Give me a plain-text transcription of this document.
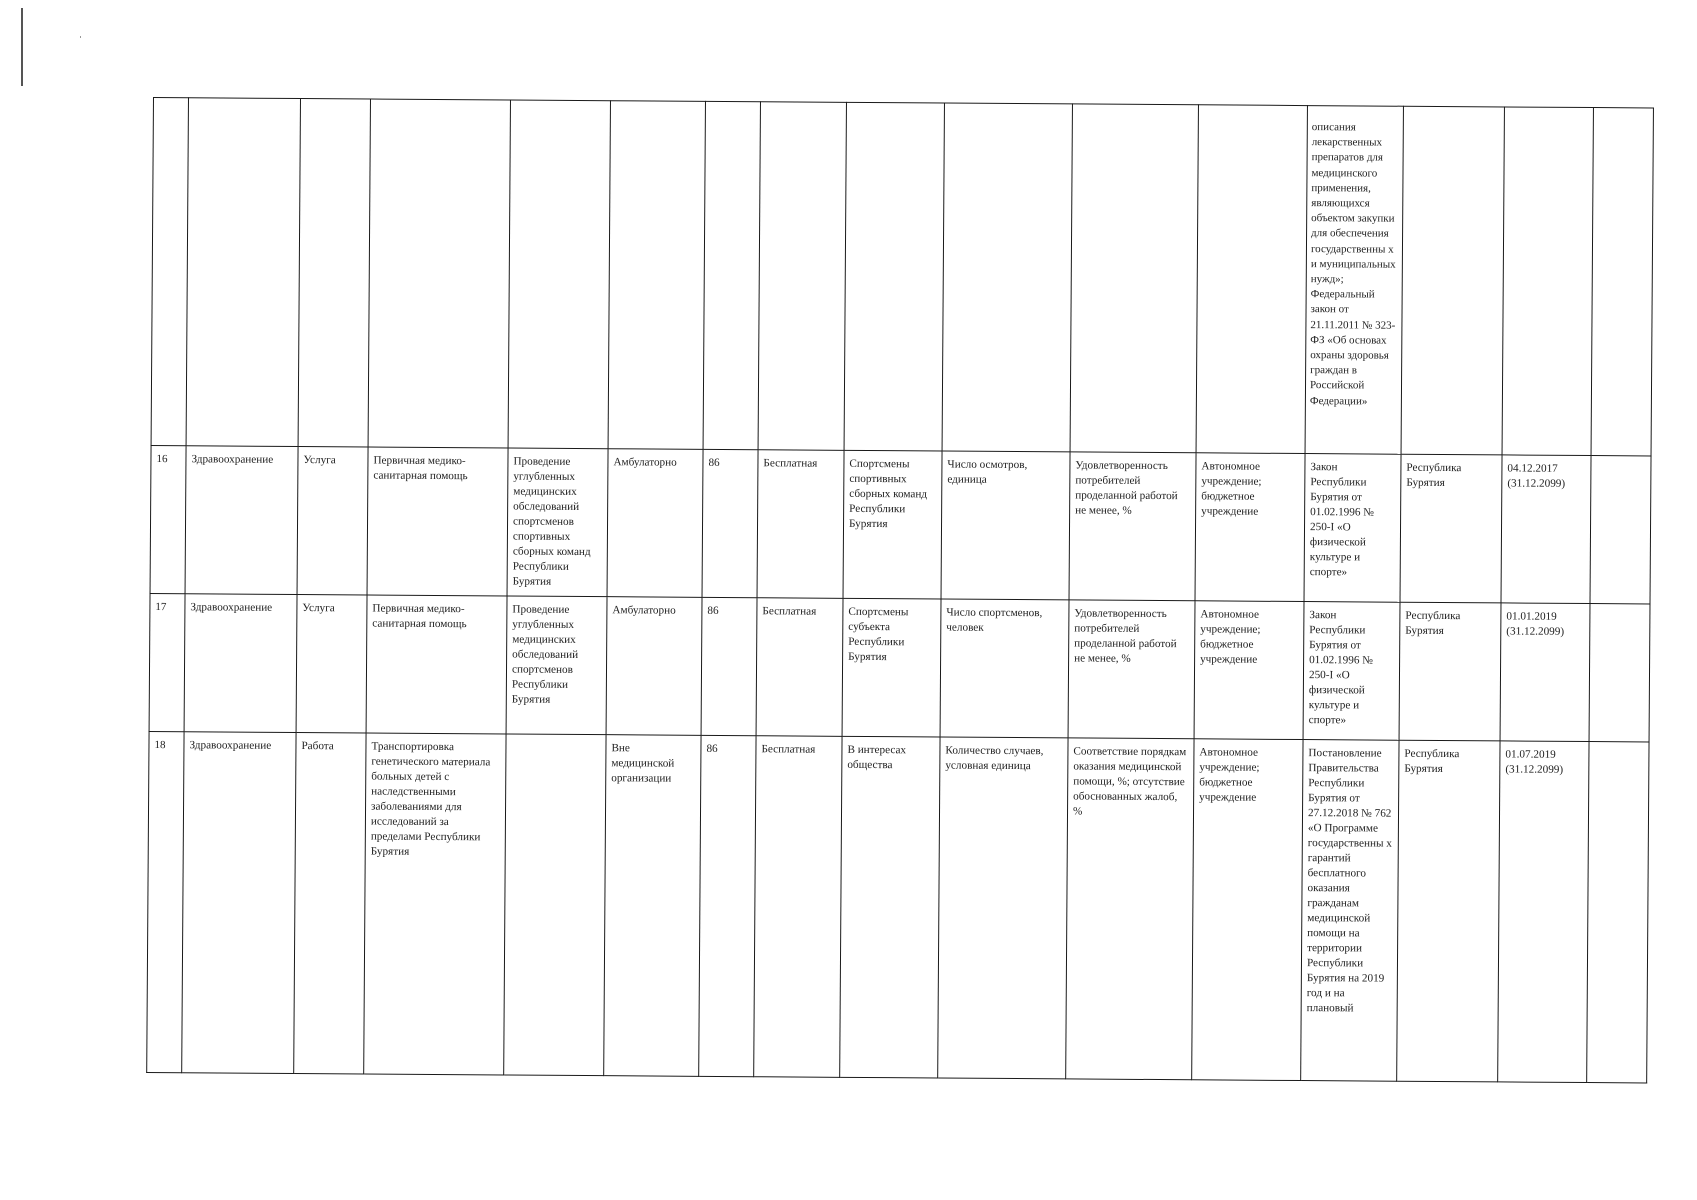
												описания лекарственных препаратов для медицинского применения, являющихся объектом закупки для обеспечения государственны х и муниципальных нужд»; Федеральный закон от 21.11.2011 № 323-ФЗ «Об основах охраны здоровья граждан в Российской Федерации»			
16	Здравоохранение	Услуга	Первичная медико-санитарная помощь	Проведение углубленных медицинских обследований спортсменов спортивных сборных команд Республики Бурятия	Амбулаторно	86	Бесплатная	Спортсмены спортивных сборных команд Республики Бурятия	Число осмотров, единица	Удовлетворенность потребителей проделанной работой не менее, %	Автономное учреждение; бюджетное учреждение	Закон Республики Бурятия от 01.02.1996 № 250-I «О физической культуре и спорте»	Республика Бурятия	04.12.2017 (31.12.2099)	
17	Здравоохранение	Услуга	Первичная медико-санитарная помощь	Проведение углубленных медицинских обследований спортсменов Республики Бурятия	Амбулаторно	86	Бесплатная	Спортсмены субъекта Республики Бурятия	Число спортсменов, человек	Удовлетворенность потребителей проделанной работой не менее, %	Автономное учреждение; бюджетное учреждение	Закон Республики Бурятия от 01.02.1996 № 250-I «О физической культуре и спорте»	Республика Бурятия	01.01.2019 (31.12.2099)	
18	Здравоохранение	Работа	Транспортировка генетического материала больных детей с наследственными заболеваниями для исследований за пределами Республики Бурятия		Вне медицинской организации	86	Бесплатная	В интересах общества	Количество случаев, условная единица	Соответствие порядкам оказания медицинской помощи, %; отсутствие обоснованных жалоб, %	Автономное учреждение; бюджетное учреждение	Постановление Правительства Республики Бурятия от 27.12.2018 № 762 «О Программе государственны х гарантий бесплатного оказания гражданам медицинской помощи на территории Республики Бурятия на 2019 год и на плановый	Республика Бурятия	01.07.2019 (31.12.2099)	
